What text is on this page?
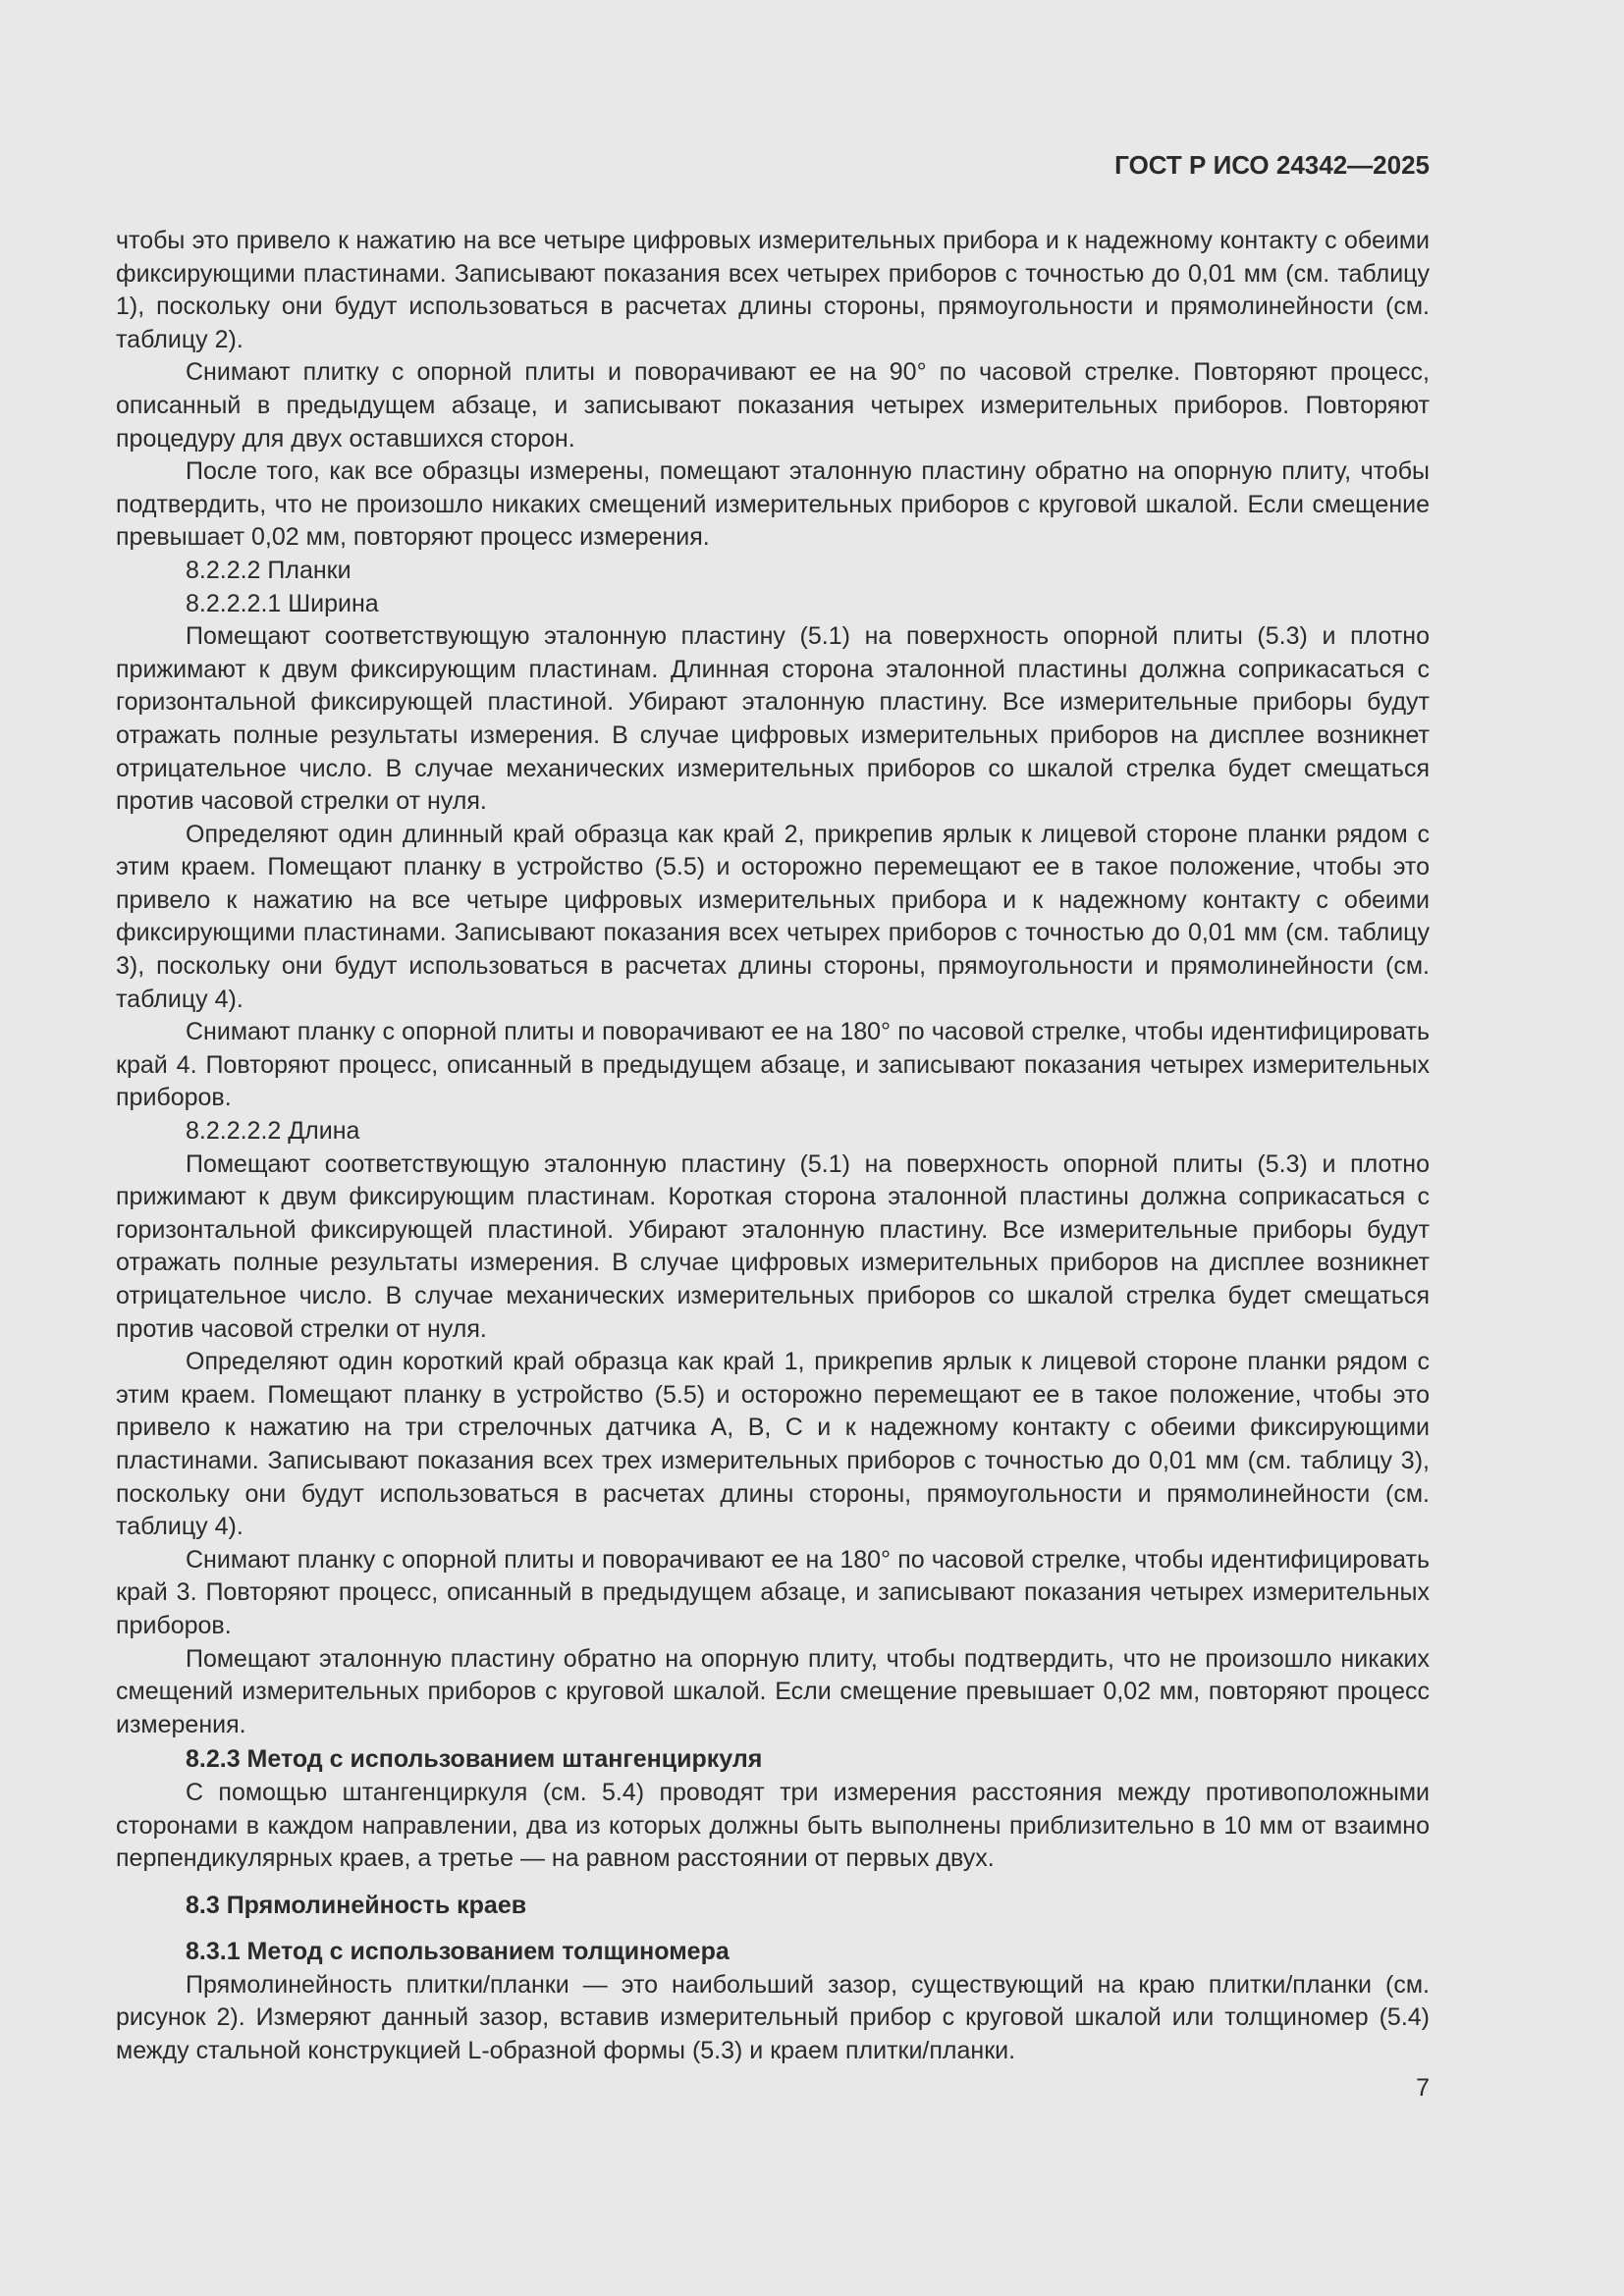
ГОСТ Р ИСО 24342—2025

чтобы это привело к нажатию на все четыре цифровых измерительных прибора и к надежному контакту с обеими фиксирующими пластинами. Записывают показания всех четырех приборов с точностью до 0,01 мм (см. таблицу 1), поскольку они будут использоваться в расчетах длины стороны, прямоугольности и прямолинейности (см. таблицу 2).

Снимают плитку с опорной плиты и поворачивают ее на 90° по часовой стрелке. Повторяют процесс, описанный в предыдущем абзаце, и записывают показания четырех измерительных приборов. Повторяют процедуру для двух оставшихся сторон.

После того, как все образцы измерены, помещают эталонную пластину обратно на опорную плиту, чтобы подтвердить, что не произошло никаких смещений измерительных приборов с круговой шкалой. Если смещение превышает 0,02 мм, повторяют процесс измерения.

8.2.2.2 Планки

8.2.2.2.1 Ширина

Помещают соответствующую эталонную пластину (5.1) на поверхность опорной плиты (5.3) и плотно прижимают к двум фиксирующим пластинам. Длинная сторона эталонной пластины должна соприкасаться с горизонтальной фиксирующей пластиной. Убирают эталонную пластину. Все измерительные приборы будут отражать полные результаты измерения. В случае цифровых измерительных приборов на дисплее возникнет отрицательное число. В случае механических измерительных приборов со шкалой стрелка будет смещаться против часовой стрелки от нуля.

Определяют один длинный край образца как край 2, прикрепив ярлык к лицевой стороне планки рядом с этим краем. Помещают планку в устройство (5.5) и осторожно перемещают ее в такое положение, чтобы это привело к нажатию на все четыре цифровых измерительных прибора и к надежному контакту с обеими фиксирующими пластинами. Записывают показания всех четырех приборов с точностью до 0,01 мм (см. таблицу 3), поскольку они будут использоваться в расчетах длины стороны, прямоугольности и прямолинейности (см. таблицу 4).

Снимают планку с опорной плиты и поворачивают ее на 180° по часовой стрелке, чтобы идентифицировать край 4. Повторяют процесс, описанный в предыдущем абзаце, и записывают показания четырех измерительных приборов.

8.2.2.2.2 Длина

Помещают соответствующую эталонную пластину (5.1) на поверхность опорной плиты (5.3) и плотно прижимают к двум фиксирующим пластинам. Короткая сторона эталонной пластины должна соприкасаться с горизонтальной фиксирующей пластиной. Убирают эталонную пластину. Все измерительные приборы будут отражать полные результаты измерения. В случае цифровых измерительных приборов на дисплее возникнет отрицательное число. В случае механических измерительных приборов со шкалой стрелка будет смещаться против часовой стрелки от нуля.

Определяют один короткий край образца как край 1, прикрепив ярлык к лицевой стороне планки рядом с этим краем. Помещают планку в устройство (5.5) и осторожно перемещают ее в такое положение, чтобы это привело к нажатию на три стрелочных датчика A, B, C и к надежному контакту с обеими фиксирующими пластинами. Записывают показания всех трех измерительных приборов с точностью до 0,01 мм (см. таблицу 3), поскольку они будут использоваться в расчетах длины стороны, прямоугольности и прямолинейности (см. таблицу 4).

Снимают планку с опорной плиты и поворачивают ее на 180° по часовой стрелке, чтобы идентифицировать край 3. Повторяют процесс, описанный в предыдущем абзаце, и записывают показания четырех измерительных приборов.

Помещают эталонную пластину обратно на опорную плиту, чтобы подтвердить, что не произошло никаких смещений измерительных приборов с круговой шкалой. Если смещение превышает 0,02 мм, повторяют процесс измерения.

8.2.3 Метод с использованием штангенциркуля

С помощью штангенциркуля (см. 5.4) проводят три измерения расстояния между противоположными сторонами в каждом направлении, два из которых должны быть выполнены приблизительно в 10 мм от взаимно перпендикулярных краев, а третье — на равном расстоянии от первых двух.

8.3 Прямолинейность краев

8.3.1 Метод с использованием толщиномера

Прямолинейность плитки/планки — это наибольший зазор, существующий на краю плитки/планки (см. рисунок 2). Измеряют данный зазор, вставив измерительный прибор с круговой шкалой или толщиномер (5.4) между стальной конструкцией L-образной формы (5.3) и краем плитки/планки.

7
